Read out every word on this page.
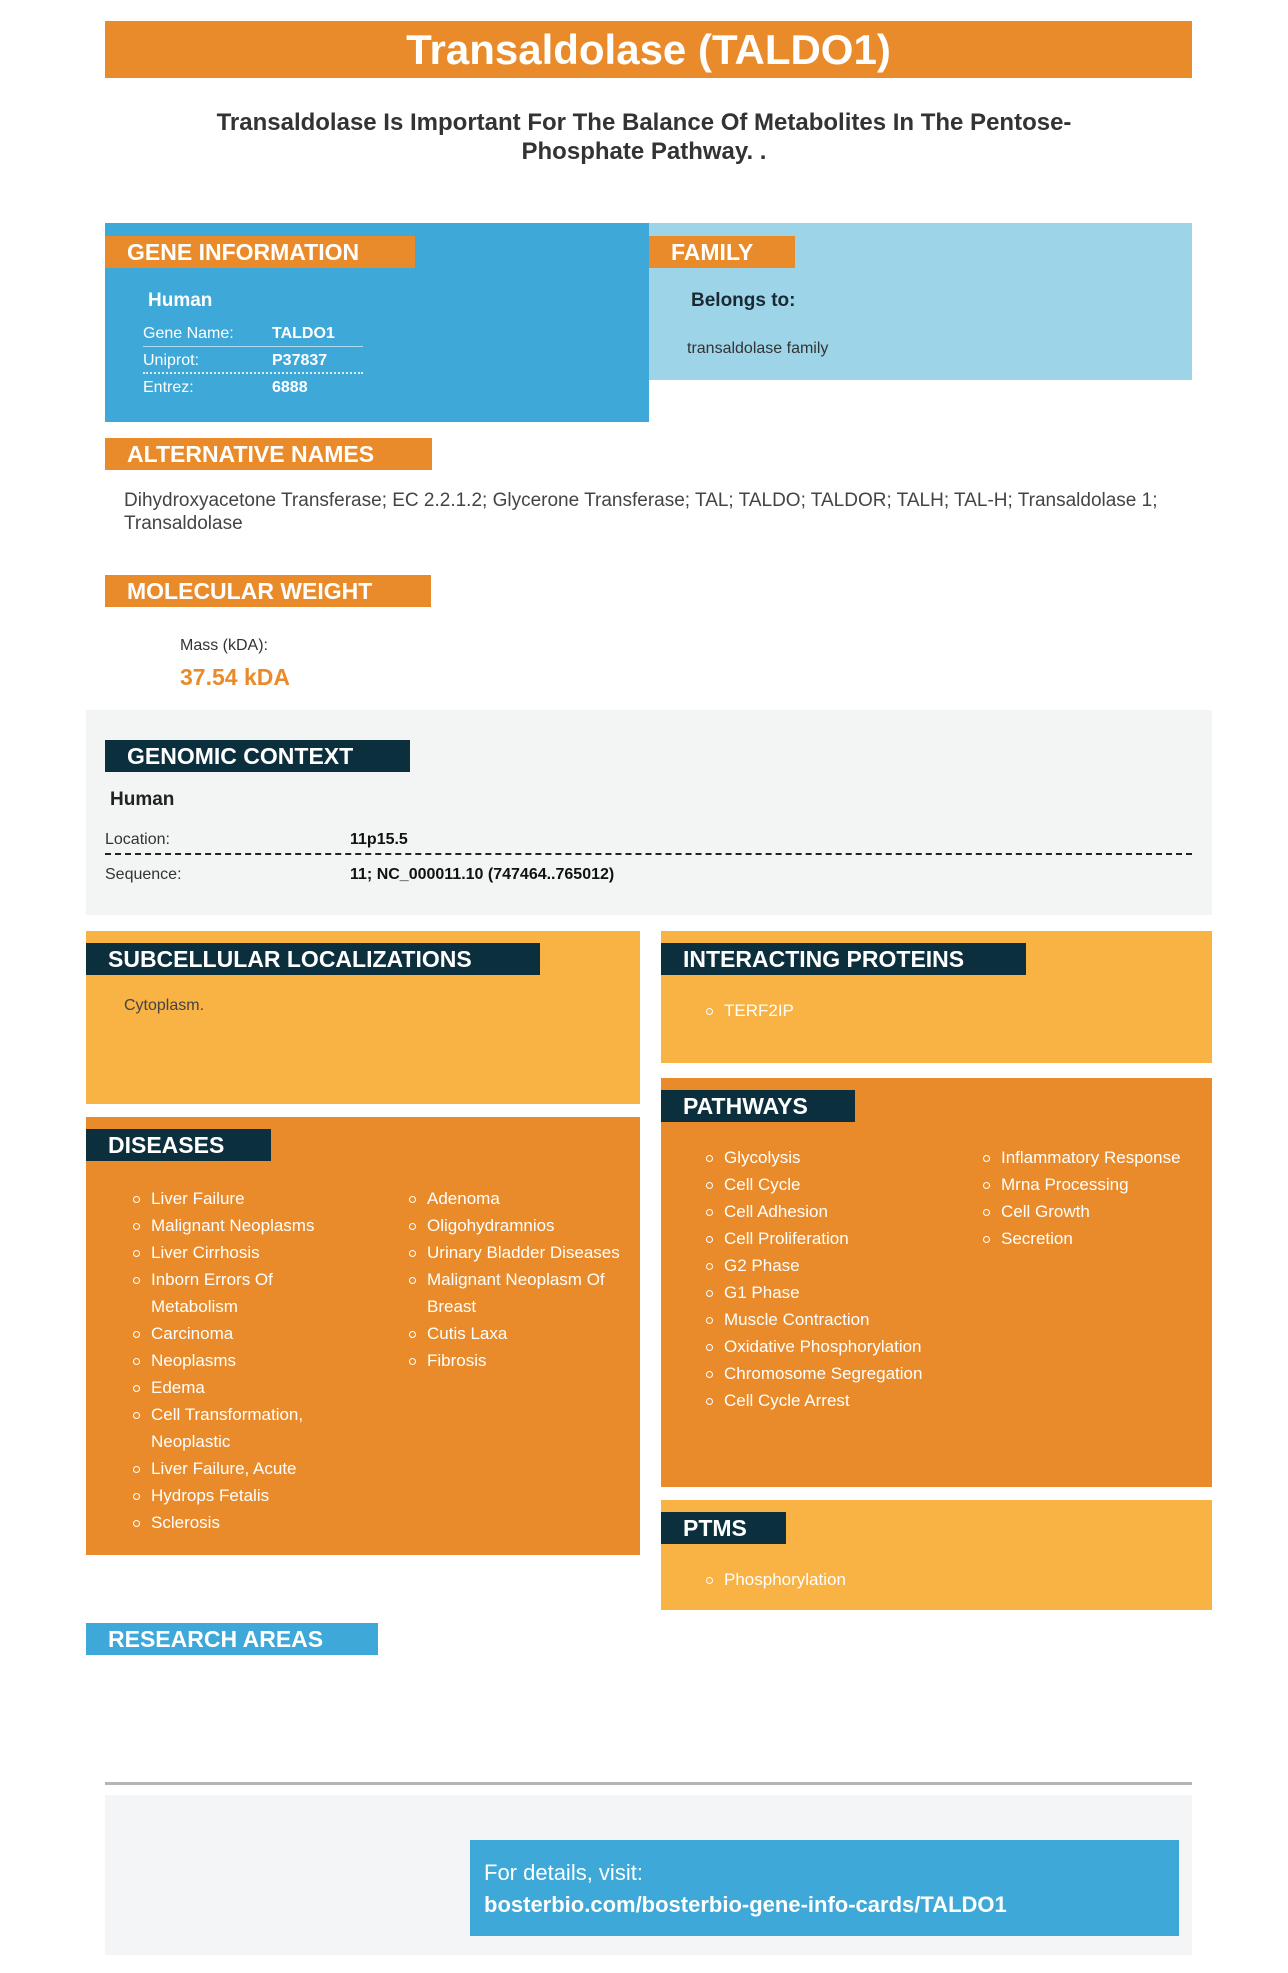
Transaldolase (TALDO1)
Transaldolase Is Important For The Balance Of Metabolites In The Pentose-Phosphate Pathway. .
GENE INFORMATION
Human
Gene Name:	TALDO1
Uniprot:	P37837
Entrez:	6888
FAMILY
Belongs to:
transaldolase family
ALTERNATIVE NAMES
Dihydroxyacetone Transferase; EC 2.2.1.2; Glycerone Transferase; TAL; TALDO; TALDOR; TALH; TAL-H; Transaldolase 1; Transaldolase
MOLECULAR WEIGHT
Mass (kDA):
37.54 kDA
GENOMIC CONTEXT
Human
Location:	11p15.5
Sequence:	11; NC_000011.10 (747464..765012)
SUBCELLULAR LOCALIZATIONS
Cytoplasm.
INTERACTING PROTEINS
TERF2IP
DISEASES
Liver Failure
Malignant Neoplasms
Liver Cirrhosis
Inborn Errors Of Metabolism
Carcinoma
Neoplasms
Edema
Cell Transformation, Neoplastic
Liver Failure, Acute
Hydrops Fetalis
Sclerosis
Adenoma
Oligohydramnios
Urinary Bladder Diseases
Malignant Neoplasm Of Breast
Cutis Laxa
Fibrosis
PATHWAYS
Glycolysis
Cell Cycle
Cell Adhesion
Cell Proliferation
G2 Phase
G1 Phase
Muscle Contraction
Oxidative Phosphorylation
Chromosome Segregation
Cell Cycle Arrest
Inflammatory Response
Mrna Processing
Cell Growth
Secretion
PTMS
Phosphorylation
RESEARCH AREAS
Stem Cell Markers
For details, visit:
bosterbio.com/bosterbio-gene-info-cards/TALDO1
